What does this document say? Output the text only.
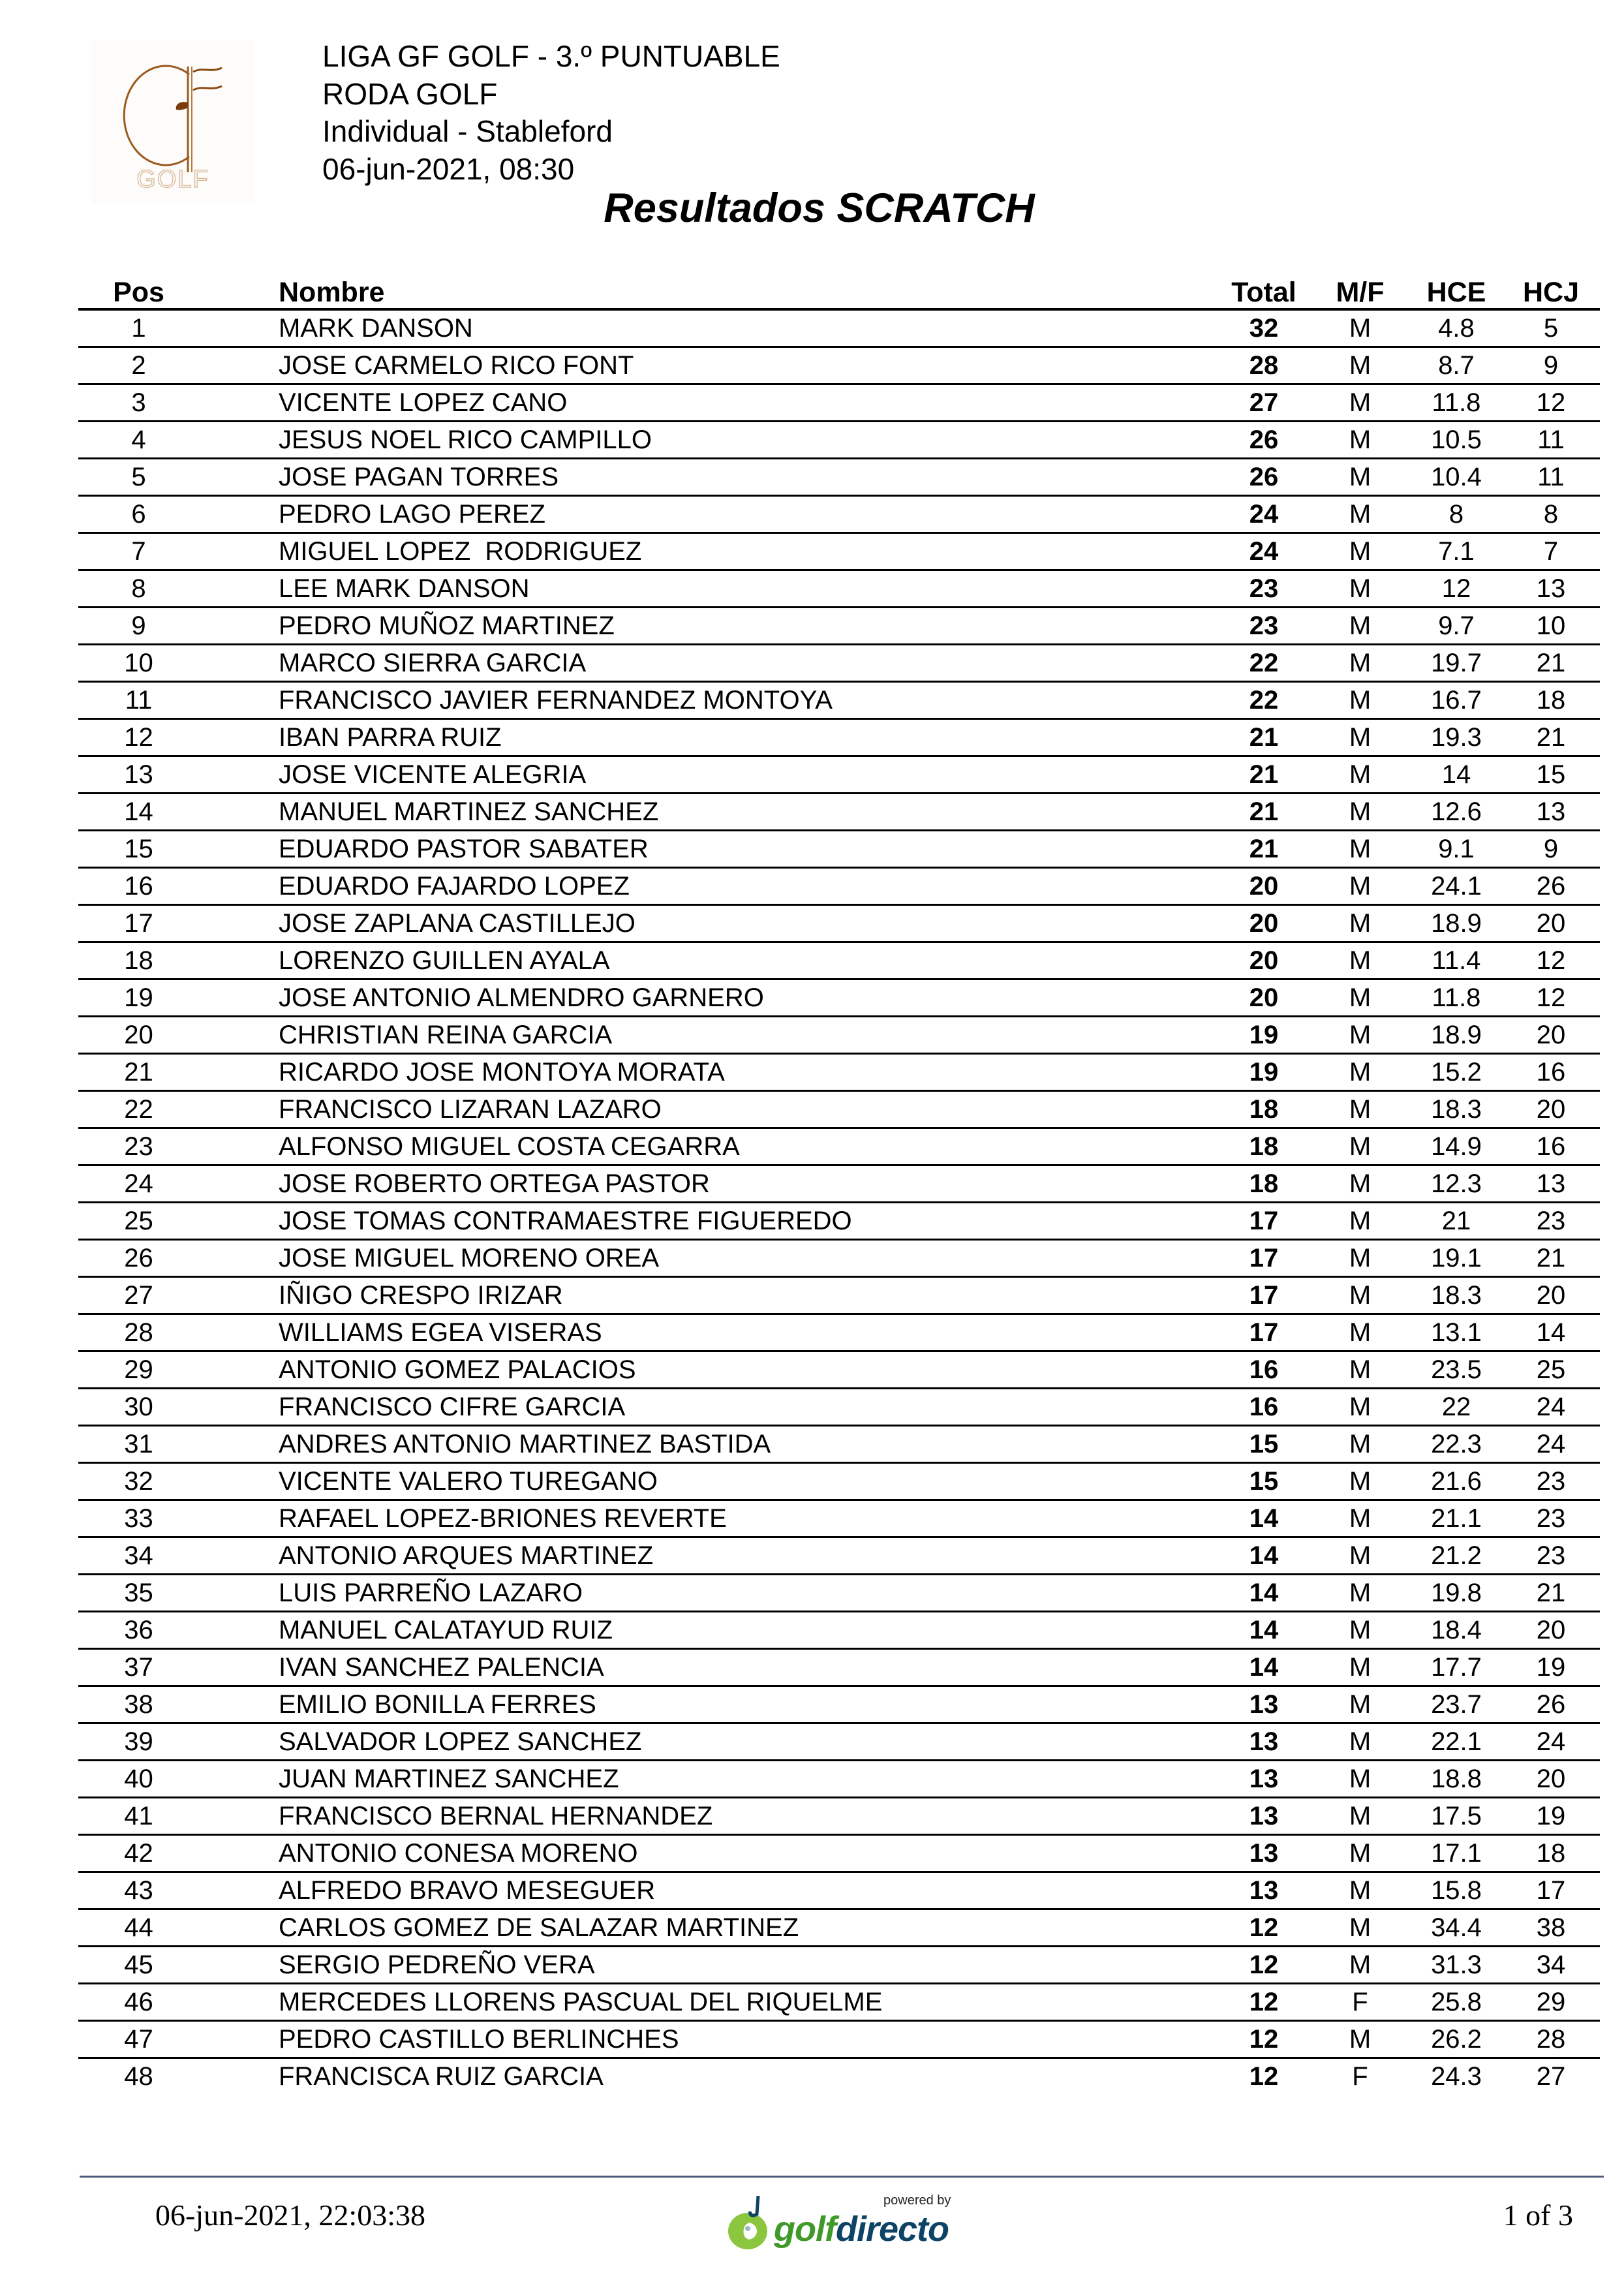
GOLF
LIGA GF GOLF - 3.º PUNTUABLE
RODA GOLF
Individual - Stableford
06-jun-2021, 08:30
Resultados SCRATCH
Pos	Nombre	Total	M/F	HCE	HCJ
1	MARK DANSON	32	M	4.8	5
2	JOSE CARMELO RICO FONT	28	M	8.7	9
3	VICENTE LOPEZ CANO	27	M	11.8	12
4	JESUS NOEL RICO CAMPILLO	26	M	10.5	11
5	JOSE PAGAN TORRES	26	M	10.4	11
6	PEDRO LAGO PEREZ	24	M	8	8
7	MIGUEL LOPEZ  RODRIGUEZ	24	M	7.1	7
8	LEE MARK DANSON	23	M	12	13
9	PEDRO MUÑOZ MARTINEZ	23	M	9.7	10
10	MARCO SIERRA GARCIA	22	M	19.7	21
11	FRANCISCO JAVIER FERNANDEZ MONTOYA	22	M	16.7	18
12	IBAN PARRA RUIZ	21	M	19.3	21
13	JOSE VICENTE ALEGRIA	21	M	14	15
14	MANUEL MARTINEZ SANCHEZ	21	M	12.6	13
15	EDUARDO PASTOR SABATER	21	M	9.1	9
16	EDUARDO FAJARDO LOPEZ	20	M	24.1	26
17	JOSE ZAPLANA CASTILLEJO	20	M	18.9	20
18	LORENZO GUILLEN AYALA	20	M	11.4	12
19	JOSE ANTONIO ALMENDRO GARNERO	20	M	11.8	12
20	CHRISTIAN REINA GARCIA	19	M	18.9	20
21	RICARDO JOSE MONTOYA MORATA	19	M	15.2	16
22	FRANCISCO LIZARAN LAZARO	18	M	18.3	20
23	ALFONSO MIGUEL COSTA CEGARRA	18	M	14.9	16
24	JOSE ROBERTO ORTEGA PASTOR	18	M	12.3	13
25	JOSE TOMAS CONTRAMAESTRE FIGUEREDO	17	M	21	23
26	JOSE MIGUEL MORENO OREA	17	M	19.1	21
27	IÑIGO CRESPO IRIZAR	17	M	18.3	20
28	WILLIAMS EGEA VISERAS	17	M	13.1	14
29	ANTONIO GOMEZ PALACIOS	16	M	23.5	25
30	FRANCISCO CIFRE GARCIA	16	M	22	24
31	ANDRES ANTONIO MARTINEZ BASTIDA	15	M	22.3	24
32	VICENTE VALERO TUREGANO	15	M	21.6	23
33	RAFAEL LOPEZ-BRIONES REVERTE	14	M	21.1	23
34	ANTONIO ARQUES MARTINEZ	14	M	21.2	23
35	LUIS PARREÑO LAZARO	14	M	19.8	21
36	MANUEL CALATAYUD RUIZ	14	M	18.4	20
37	IVAN SANCHEZ PALENCIA	14	M	17.7	19
38	EMILIO BONILLA FERRES	13	M	23.7	26
39	SALVADOR LOPEZ SANCHEZ	13	M	22.1	24
40	JUAN MARTINEZ SANCHEZ	13	M	18.8	20
41	FRANCISCO BERNAL HERNANDEZ	13	M	17.5	19
42	ANTONIO CONESA MORENO	13	M	17.1	18
43	ALFREDO BRAVO MESEGUER	13	M	15.8	17
44	CARLOS GOMEZ DE SALAZAR MARTINEZ	12	M	34.4	38
45	SERGIO PEDREÑO VERA	12	M	31.3	34
46	MERCEDES LLORENS PASCUAL DEL RIQUELME	12	F	25.8	29
47	PEDRO CASTILLO BERLINCHES	12	M	26.2	28
48	FRANCISCA RUIZ GARCIA	12	F	24.3	27
06-jun-2021, 22:03:38	powered by
golfdirecto	1 of 3
